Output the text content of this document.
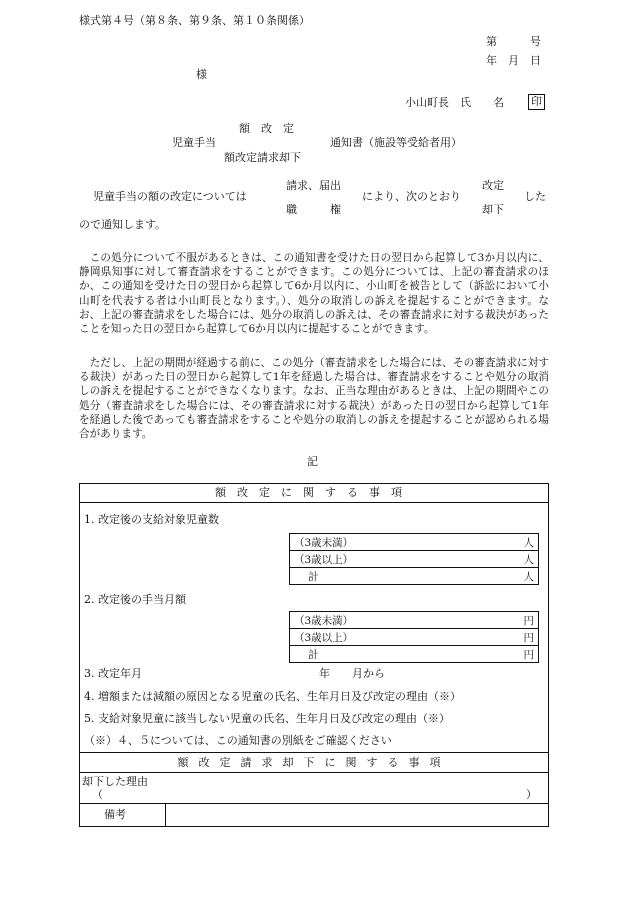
様式第４号（第８条、第９条、第１０条関係）
第　　　号
年　月　日
様
小山町長　氏　　名 印
額　改　定
児童手当	通知書（施設等受給者用）
額改定請求却下
請求、届出	改定
児童手当の額の改定については	により、次のとおり	した
職　　　権	却下
ので通知します。
この処分について不服があるときは、この通知書を受けた日の翌日から起算して3か月以内に、静岡県知事に対して審査請求をすることができます。この処分については、上記の審査請求のほか、この通知を受けた日の翌日から起算して6か月以内に、小山町を被告として（訴訟において小山町を代表する者は小山町長となります。）、処分の取消しの訴えを提起することができます。なお、上記の審査請求をした場合には、処分の取消しの訴えは、その審査請求に対する裁決があったことを知った日の翌日から起算して6か月以内に提起することができます。
ただし、上記の期間が経過する前に、この処分（審査請求をした場合には、その審査請求に対する裁決）があった日の翌日から起算して1年を経過した場合は、審査請求をすることや処分の取消しの訴えを提起することができなくなります。なお、正当な理由があるときは、上記の期間やこの処分（審査請求をした場合には、その審査請求に対する裁決）があった日の翌日から起算して1年を経過した後であっても審査請求をすることや処分の取消しの訴えを提起することが認められる場合があります。
記
額改定に関する事項
1. 改定後の支給対象児童数
（3歳未満）	人

（3歳以上）	人

計	人
2. 改定後の手当月額
（3歳未満）	円

（3歳以上）	円

計	円
3. 改定年月	年　　月から
4. 増額または減額の原因となる児童の氏名、生年月日及び改定の理由（※）
5. 支給対象児童に該当しない児童の氏名、生年月日及び改定の理由（※）
（※）４、５については、この通知書の別紙をご確認ください
額改定請求却下に関する事項
却下した理由
（	）
備考
